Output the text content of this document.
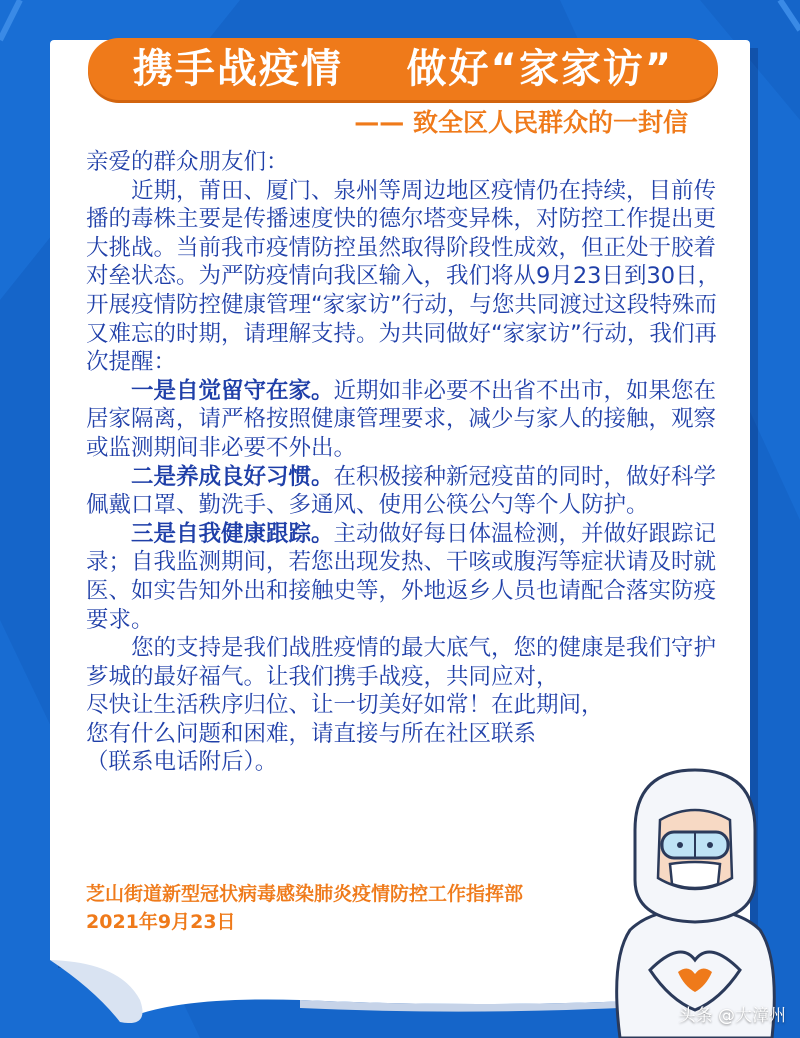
携手战疫情    做好“家家访”
—— 致全区人民群众的一封信

亲爱的群众朋友们：

近期，莆田、厦门、泉州等周边地区疫情仍在持续，目前传播的毒株主要是传播速度快的德尔塔变异株，对防控工作提出更大挑战。当前我市疫情防控虽然取得阶段性成效，但正处于胶着对垒状态。为严防疫情向我区输入，我们将从9月23日到30日，开展疫情防控健康管理“家家访”行动，与您共同渡过这段特殊而又难忘的时期，请理解支持。为共同做好“家家访”行动，我们再次提醒：

一是自觉留守在家。近期如非必要不出省不出市，如果您在居家隔离，请严格按照健康管理要求，减少与家人的接触，观察或监测期间非必要不外出。

二是养成良好习惯。在积极接种新冠疫苗的同时，做好科学佩戴口罩、勤洗手、多通风、使用公筷公勺等个人防护。

三是自我健康跟踪。主动做好每日体温检测，并做好跟踪记录；自我监测期间，若您出现发热、干咳或腹泻等症状请及时就医、如实告知外出和接触史等，外地返乡人员也请配合落实防疫要求。

您的支持是我们战胜疫情的最大底气，您的健康是我们守护芗城的最好福气。让我们携手战疫，共同应对，

尽快让生活秩序归位、让一切美好如常！在此期间，

您有什么问题和困难，请直接与所在社区联系

（联系电话附后）。

芝山街道新型冠状病毒感染肺炎疫情防控工作指挥部
2021年9月23日
头条 @大漳州
